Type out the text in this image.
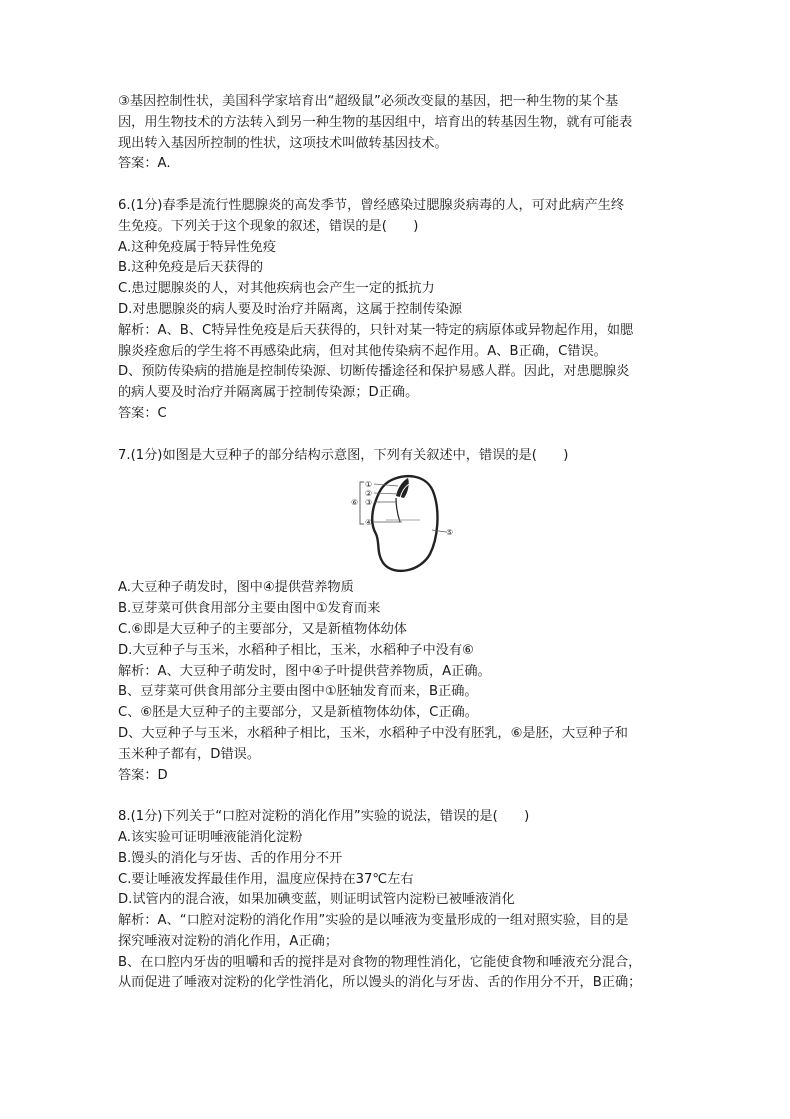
③基因控制性状，美国科学家培育出“超级鼠”必须改变鼠的基因，把一种生物的某个基
因，用生物技术的方法转入到另一种生物的基因组中，培育出的转基因生物，就有可能表
现出转入基因所控制的性状，这项技术叫做转基因技术。
答案：A.
6.(1分)春季是流行性腮腺炎的高发季节，曾经感染过腮腺炎病毒的人，可对此病产生终
生免疫。下列关于这个现象的叙述，错误的是(　　)
A.这种免疫属于特异性免疫
B.这种免疫是后天获得的
C.患过腮腺炎的人，对其他疾病也会产生一定的抵抗力
D.对患腮腺炎的病人要及时治疗并隔离，这属于控制传染源
解析：A、B、C特异性免疫是后天获得的，只针对某一特定的病原体或异物起作用，如腮
腺炎痊愈后的学生将不再感染此病，但对其他传染病不起作用。A、B正确，C错误。
D、预防传染病的措施是控制传染源、切断传播途径和保护易感人群。因此，对患腮腺炎
的病人要及时治疗并隔离属于控制传染源；D正确。
答案：C
7.(1分)如图是大豆种子的部分结构示意图，下列有关叙述中，错误的是(　　)
①
②
③
④
⑤
⑥
A.大豆种子萌发时，图中④提供营养物质
B.豆芽菜可供食用部分主要由图中①发育而来
C.⑥即是大豆种子的主要部分，又是新植物体幼体
D.大豆种子与玉米，水稻种子相比，玉米，水稻种子中没有⑥
解析：A、大豆种子萌发时，图中④子叶提供营养物质，A正确。
B、豆芽菜可供食用部分主要由图中①胚轴发育而来，B正确。
C、⑥胚是大豆种子的主要部分，又是新植物体幼体，C正确。
D、大豆种子与玉米，水稻种子相比，玉米，水稻种子中没有胚乳，⑥是胚，大豆种子和
玉米种子都有，D错误。
答案：D
8.(1分)下列关于“口腔对淀粉的消化作用”实验的说法，错误的是(　　)
A.该实验可证明唾液能消化淀粉
B.馒头的消化与牙齿、舌的作用分不开
C.要让唾液发挥最佳作用，温度应保持在37℃左右
D.试管内的混合液，如果加碘变蓝，则证明试管内淀粉已被唾液消化
解析：A、“口腔对淀粉的消化作用”实验的是以唾液为变量形成的一组对照实验，目的是
探究唾液对淀粉的消化作用，A正确；
B、在口腔内牙齿的咀嚼和舌的搅拌是对食物的物理性消化，它能使食物和唾液充分混合，
从而促进了唾液对淀粉的化学性消化，所以馒头的消化与牙齿、舌的作用分不开，B正确；
